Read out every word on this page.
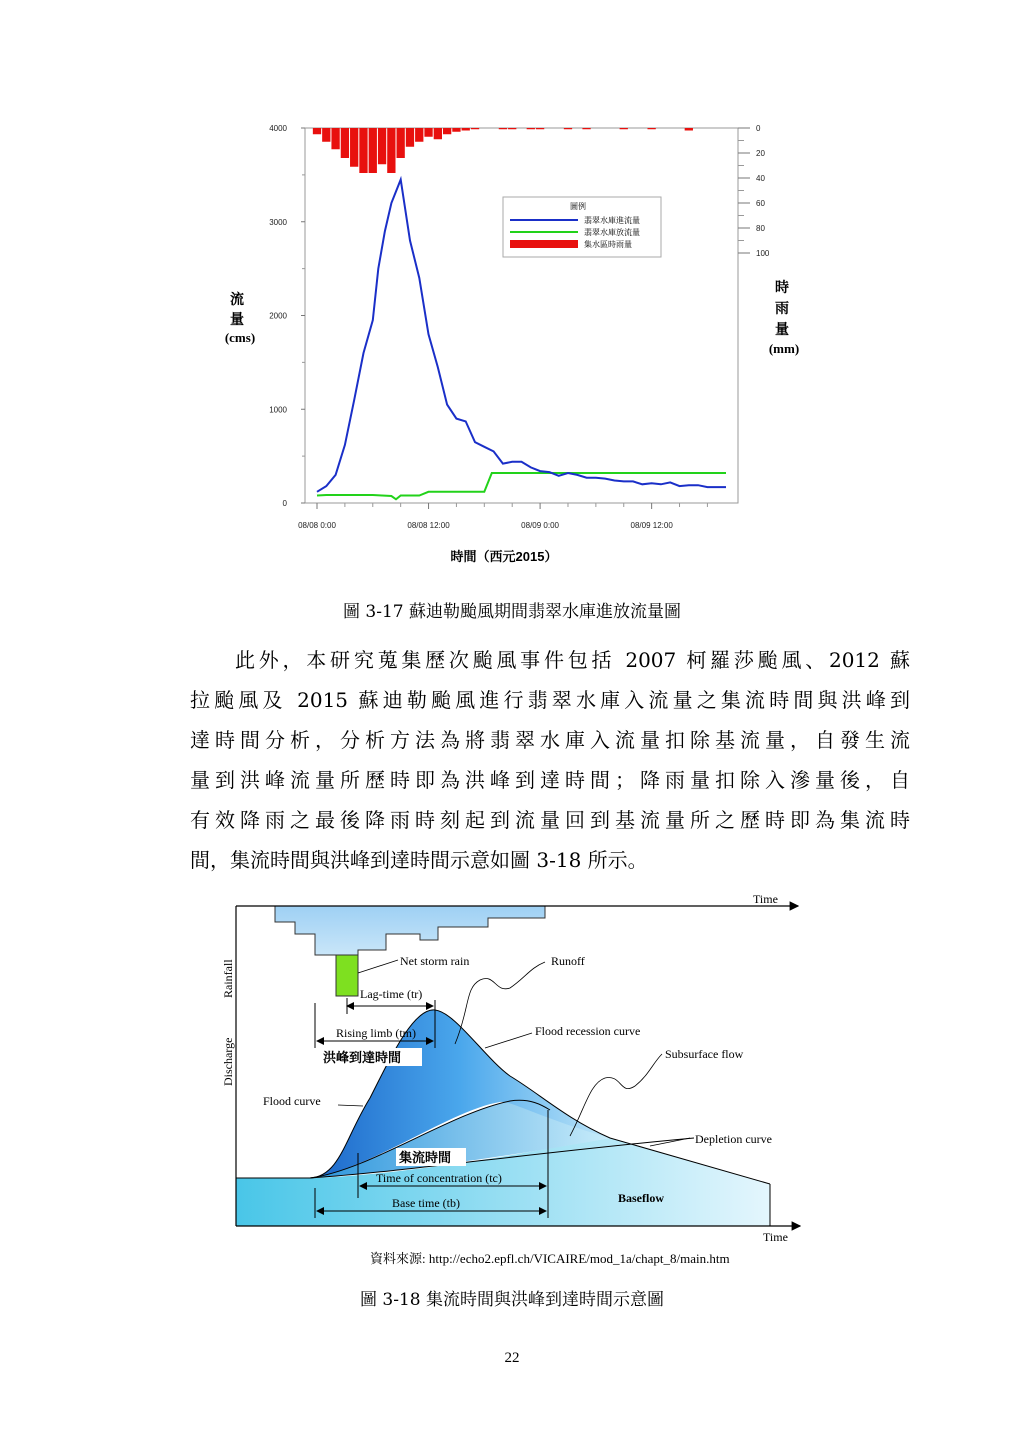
0
1000
2000
3000
4000	0
20
40
60
80
100
08/08 0:00	08/08 12:00	08/09 0:00	08/09 12:00
圖例
翡翠水庫進流量
翡翠水庫放流量
集水區時雨量
流
量
(cms)
時
雨
量
(mm)
時間（西元2015）
圖 3-17 蘇迪勒颱風期間翡翠水庫進放流量圖
此外，本研究蒐集歷次颱風事件包括 2007 柯羅莎颱風、2012 蘇
拉颱風及 2015 蘇迪勒颱風進行翡翠水庫入流量之集流時間與洪峰到
達時間分析，分析方法為將翡翠水庫入流量扣除基流量，自發生流
量到洪峰流量所歷時即為洪峰到達時間；降雨量扣除入滲量後，自
有效降雨之最後降雨時刻起到流量回到基流量所之歷時即為集流時
間，集流時間與洪峰到達時間示意如圖 3-18 所示。
Time
Time
Rainfall
Discharge
Net storm rain	Runoff
Lag-time (tr)
Rising limb (tm)	Flood recession curve
Subsurface flow
Flood curve
Depletion curve
Time of concentration (tc)
Base time (tb)	Baseflow
洪峰到達時間
集流時間
資料來源: http://echo2.epfl.ch/VICAIRE/mod_1a/chapt_8/main.htm
圖 3-18 集流時間與洪峰到達時間示意圖
22
